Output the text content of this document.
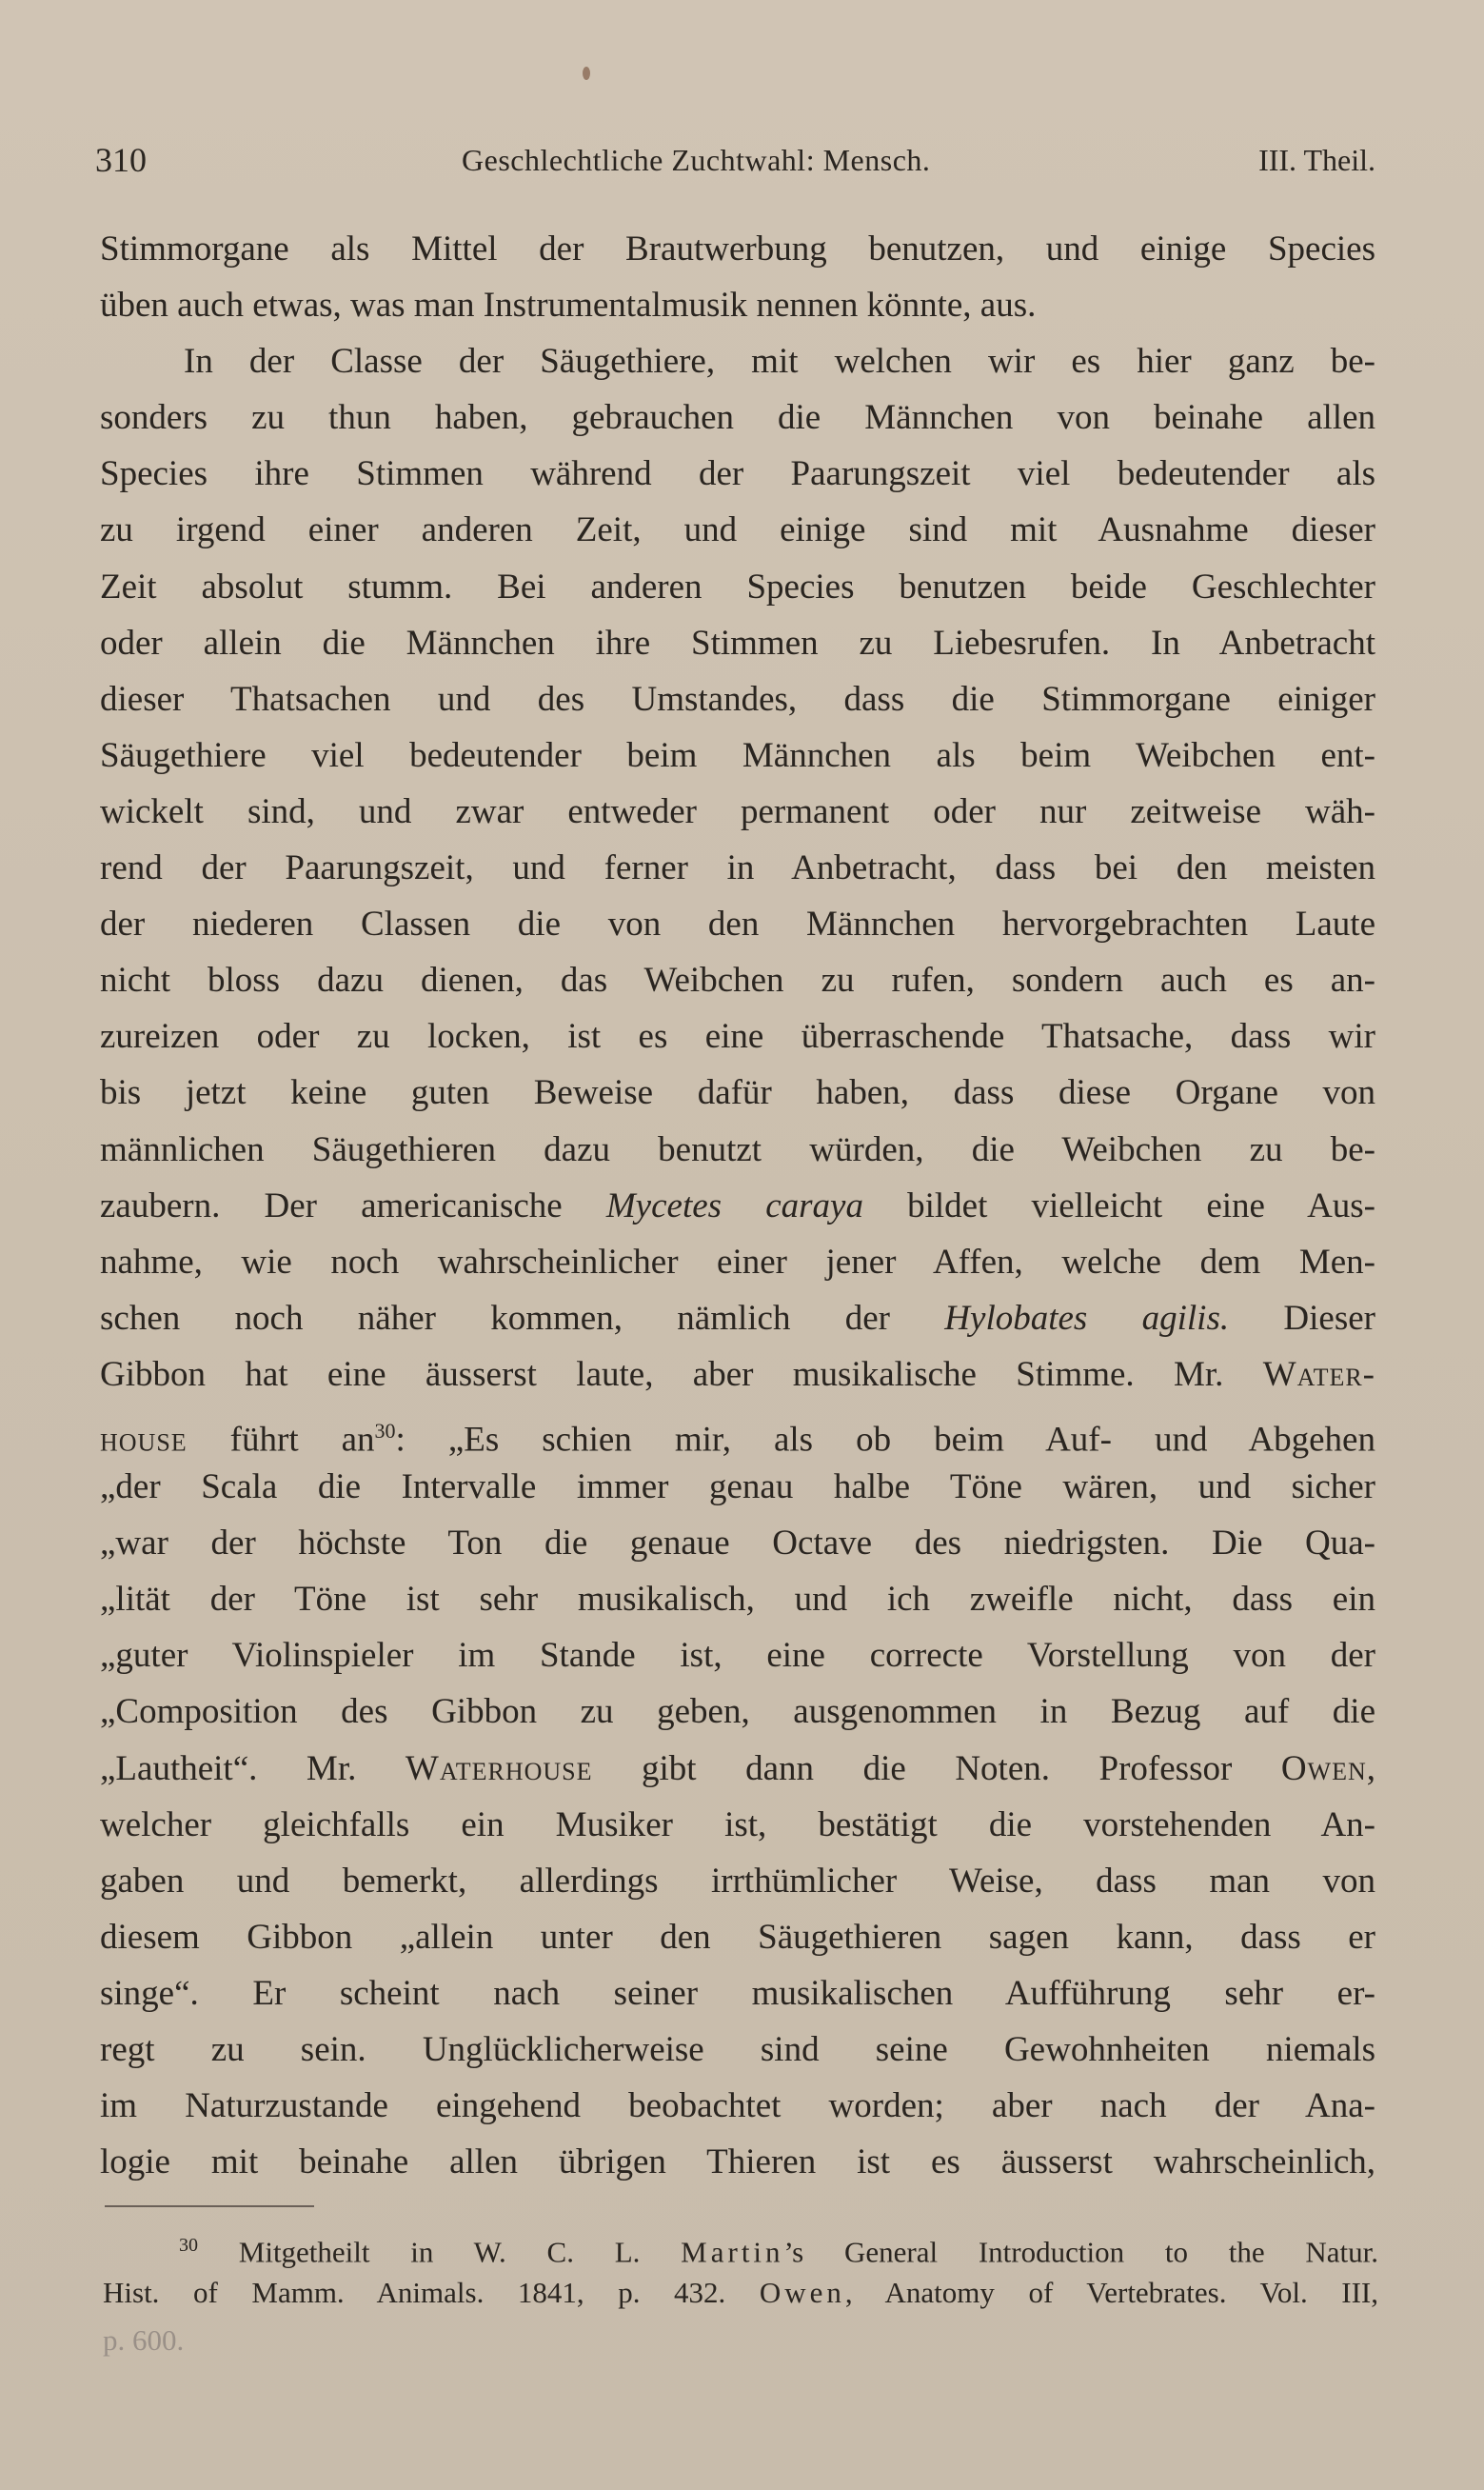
310	Geschlechtliche Zuchtwahl: Mensch.	III. Theil.
Stimmorgane als Mittel der Brautwerbung benutzen, und einige Species
üben auch etwas, was man Instrumentalmusik nennen könnte, aus.
In der Classe der Säugethiere, mit welchen wir es hier ganz be-
sonders zu thun haben, gebrauchen die Männchen von beinahe allen
Species ihre Stimmen während der Paarungszeit viel bedeutender als
zu irgend einer anderen Zeit, und einige sind mit Ausnahme dieser
Zeit absolut stumm. Bei anderen Species benutzen beide Geschlechter
oder allein die Männchen ihre Stimmen zu Liebesrufen. In Anbetracht
dieser Thatsachen und des Umstandes, dass die Stimmorgane einiger
Säugethiere viel bedeutender beim Männchen als beim Weibchen ent-
wickelt sind, und zwar entweder permanent oder nur zeitweise wäh-
rend der Paarungszeit, und ferner in Anbetracht, dass bei den meisten
der niederen Classen die von den Männchen hervorgebrachten Laute
nicht bloss dazu dienen, das Weibchen zu rufen, sondern auch es an-
zureizen oder zu locken, ist es eine überraschende Thatsache, dass wir
bis jetzt keine guten Beweise dafür haben, dass diese Organe von
männlichen Säugethieren dazu benutzt würden, die Weibchen zu be-
zaubern. Der americanische Mycetes caraya bildet vielleicht eine Aus-
nahme, wie noch wahrscheinlicher einer jener Affen, welche dem Men-
schen noch näher kommen, nämlich der Hylobates agilis. Dieser
Gibbon hat eine äusserst laute, aber musikalische Stimme. Mr. Water-
house führt $an^{30}$: „Es schien mir, als ob beim Auf- und Abgehen
„der Scala die Intervalle immer genau halbe Töne wären, und sicher
„war der höchste Ton die genaue Octave des niedrigsten. Die Qua-
„lität der Töne ist sehr musikalisch, und ich zweifle nicht, dass ein
„guter Violinspieler im Stande ist, eine correcte Vorstellung von der
„Composition des Gibbon zu geben, ausgenommen in Bezug auf die
„Lautheit“. Mr. Waterhouse gibt dann die Noten. Professor Owen,
welcher gleichfalls ein Musiker ist, bestätigt die vorstehenden An-
gaben und bemerkt, allerdings irrthümlicher Weise, dass man von
diesem Gibbon „allein unter den Säugethieren sagen kann, dass er
singe“. Er scheint nach seiner musikalischen Aufführung sehr er-
regt zu sein. Unglücklicherweise sind seine Gewohnheiten niemals
im Naturzustande eingehend beobachtet worden; aber nach der Ana-
logie mit beinahe allen übrigen Thieren ist es äusserst wahrscheinlich,
$^{30}$ Mitgetheilt in W. C. L. Martin’s General Introduction to the Natur.
Hist. of Mamm. Animals. 1841, p. 432. Owen, Anatomy of Vertebrates. Vol. III,
p. 600.
